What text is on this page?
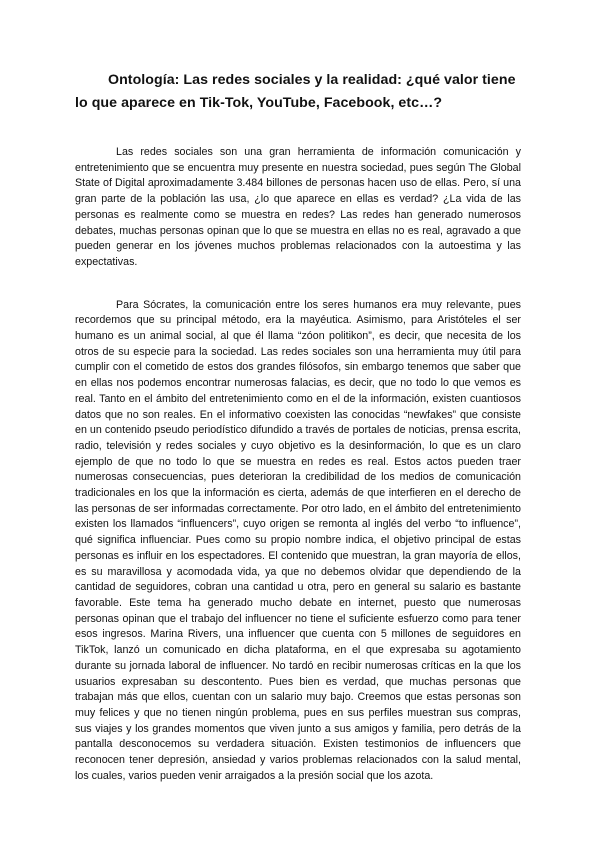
Ontología: Las redes sociales y la realidad: ¿qué valor tiene lo que aparece en Tik-Tok, YouTube, Facebook, etc…?

Las redes sociales son una gran herramienta de información comunicación y entretenimiento que se encuentra muy presente en nuestra sociedad, pues según The Global State of Digital aproximadamente 3.484 billones de personas hacen uso de ellas. Pero, sí una gran parte de la población las usa, ¿lo que aparece en ellas es verdad? ¿La vida de las personas es realmente como se muestra en redes? Las redes han generado numerosos debates, muchas personas opinan que lo que se muestra en ellas no es real, agravado a que pueden generar en los jóvenes muchos problemas relacionados con la autoestima y las expectativas.

Para Sócrates, la comunicación entre los seres humanos era muy relevante, pues recordemos que su principal método, era la mayéutica. Asimismo, para Aristóteles el ser humano es un animal social, al que él llama “zóon politikon”, es decir, que necesita de los otros de su especie para la sociedad. Las redes sociales son una herramienta muy útil para cumplir con el cometido de estos dos grandes filósofos, sin embargo tenemos que saber que en ellas nos podemos encontrar numerosas falacias, es decir, que no todo lo que vemos es real. Tanto en el ámbito del entretenimiento como en el de la información, existen cuantiosos datos que no son reales. En el informativo coexisten las conocidas “newfakes” que consiste en un contenido pseudo periodístico difundido a través de portales de noticias, prensa escrita, radio, televisión y redes sociales y cuyo objetivo es la desinformación, lo que es un claro ejemplo de que no todo lo que se muestra en redes es real. Estos actos pueden traer numerosas consecuencias, pues deterioran la credibilidad de los medios de comunicación tradicionales en los que la información es cierta, además de que interfieren en el derecho de las personas de ser informadas correctamente. Por otro lado, en el ámbito del entretenimiento existen los llamados “influencers”, cuyo origen se remonta al inglés del verbo “to influence”, qué significa influenciar. Pues como su propio nombre indica, el objetivo principal de estas personas es influir en los espectadores. El contenido que muestran, la gran mayoría de ellos, es su maravillosa y acomodada vida, ya que no debemos olvidar que dependiendo de la cantidad de seguidores, cobran una cantidad u otra, pero en general su salario es bastante favorable. Este tema ha generado mucho debate en internet, puesto que numerosas personas opinan que el trabajo del influencer no tiene el suficiente esfuerzo como para tener esos ingresos. Marina Rivers, una influencer que cuenta con 5 millones de seguidores en TikTok, lanzó un comunicado en dicha plataforma, en el que expresaba su agotamiento durante su jornada laboral de influencer. No tardó en recibir numerosas críticas en la que los usuarios expresaban su descontento. Pues bien es verdad, que muchas personas que trabajan más que ellos, cuentan con un salario muy bajo. Creemos que estas personas son muy felices y que no tienen ningún problema, pues en sus perfiles muestran sus compras, sus viajes y los grandes momentos que viven junto a sus amigos y familia, pero detrás de la pantalla desconocemos su verdadera situación. Existen testimonios de influencers que reconocen tener depresión, ansiedad y varios problemas relacionados con la salud mental, los cuales, varios pueden venir arraigados a la presión social que los azota.
